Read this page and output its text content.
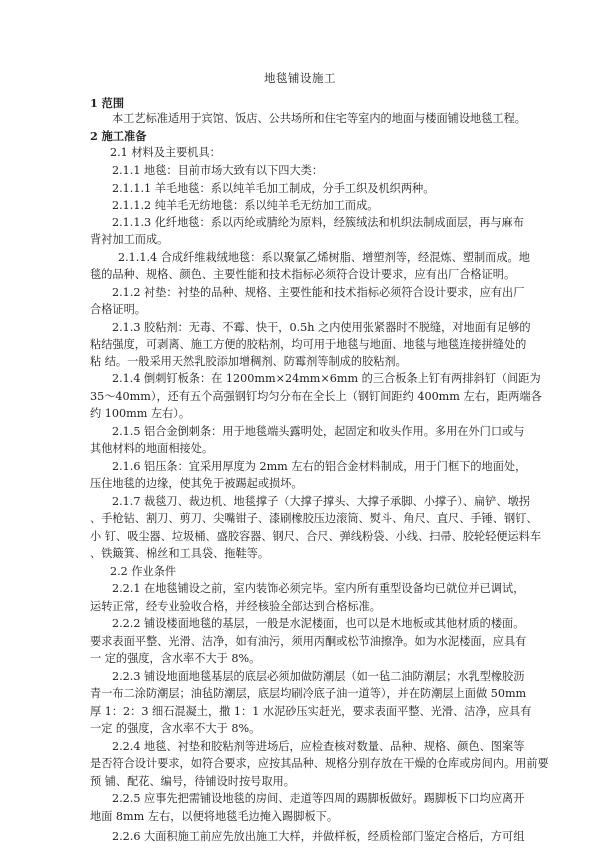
地毯铺设施工
1 范围
本工艺标准适用于宾馆、饭店、公共场所和住宅等室内的地面与楼面铺设地毯工程。
2 施工准备
2.1 材料及主要机具：
2.1.1 地毯：目前市场大致有以下四大类：
2.1.1.1 羊毛地毯：系以纯羊毛加工制成，分手工织及机织两种。
2.1.1.2 纯羊毛无纺地毯：系以纯羊毛无纺加工而成。
2.1.1.3 化纤地毯：系以丙纶或腈纶为原料，经簇绒法和机织法制成面层，再与麻布
背衬加工而成。
2.1.1.4 合成纤维栽绒地毯：系以聚氯乙烯树脂、增塑剂等，经混炼、塑制而成。地
毯的品种、规格、颜色、主要性能和技术指标必须符合设计要求，应有出厂合格证明。
2.1.2 衬垫：衬垫的品种、规格、主要性能和技术指标必须符合设计要求，应有出厂
合格证明。
2.1.3 胶粘剂：无毒、不霉、快干，0.5h 之内使用张紧器时不脱缝，对地面有足够的
粘结强度，可剥离、施工方便的胶粘剂，均可用于地毯与地面、地毯与地毯连接拼缝处的
粘 结。一般采用天然乳胶添加增稠剂、防霉剂等制成的胶粘剂。
2.1.4 倒刺钉板条：在 1200mm×24mm×6mm 的三合板条上钉有两排斜钉（间距为
35～40mm），还有五个高强钢钉均匀分布在全长上（钢钉间距约 400mm 左右，距两端各
约 100mm 左右）。
2.1.5 铝合金倒刺条：用于地毯端头露明处，起固定和收头作用。多用在外门口或与
其他材料的地面相接处。
2.1.6 铝压条：宜采用厚度为 2mm 左右的铝合金材料制成，用于门框下的地面处，
压住地毯的边缘，使其免于被踢起或损坏。
2.1.7 裁毯刀、裁边机、地毯撑子（大撑子撑头、大撑子承脚、小撑子）、扁铲、墩拐
、手枪钻、割刀、剪刀、尖嘴钳子、漆刷橡胶压边滚筒、熨斗、角尺、直尺、手锤、钢钉、
小 钉、吸尘器、垃圾桶、盛胶容器、钢尺、合尺、弹线粉袋、小线、扫帚、胶轮轻便运料车
、铁簸箕、棉丝和工具袋、拖鞋等。
2.2 作业条件
2.2.1 在地毯铺设之前，室内装饰必须完毕。室内所有重型设备均已就位并已调试，
运转正常，经专业验收合格，并经核验全部达到合格标准。
2.2.2 铺设楼面地毯的基层，一般是水泥楼面，也可以是木地板或其他材质的楼面。
要求表面平整、光滑、洁净，如有油污，须用丙酮或松节油擦净。如为水泥楼面，应具有
一 定的强度，含水率不大于 8%。
2.2.3 铺设地面地毯基层的底层必须加做防潮层（如一毡二油防潮层；水乳型橡胶沥
青一布二涂防潮层；油毡防潮层，底层均刷冷底子油一道等），并在防潮层上面做 50mm
厚 1：2：3 细石混凝土，撒 1：1 水泥砂压实赶光，要求表面平整、光滑、洁净，应具有
一定 的强度，含水率不大于 8%。
2.2.4 地毯、衬垫和胶粘剂等进场后，应检查核对数量、品种、规格、颜色、图案等
是否符合设计要求，如符合要求，应按其品种、规格分别存放在干燥的仓库或房间内。用前要
预 铺、配花、编号，待铺设时按号取用。
2.2.5 应事先把需铺设地毯的房间、走道等四周的踢脚板做好。踢脚板下口均应离开
地面 8mm 左右，以便将地毯毛边掩入踢脚板下。
2.2.6 大面积施工前应先放出施工大样，并做样板，经质检部门鉴定合格后，方可组
